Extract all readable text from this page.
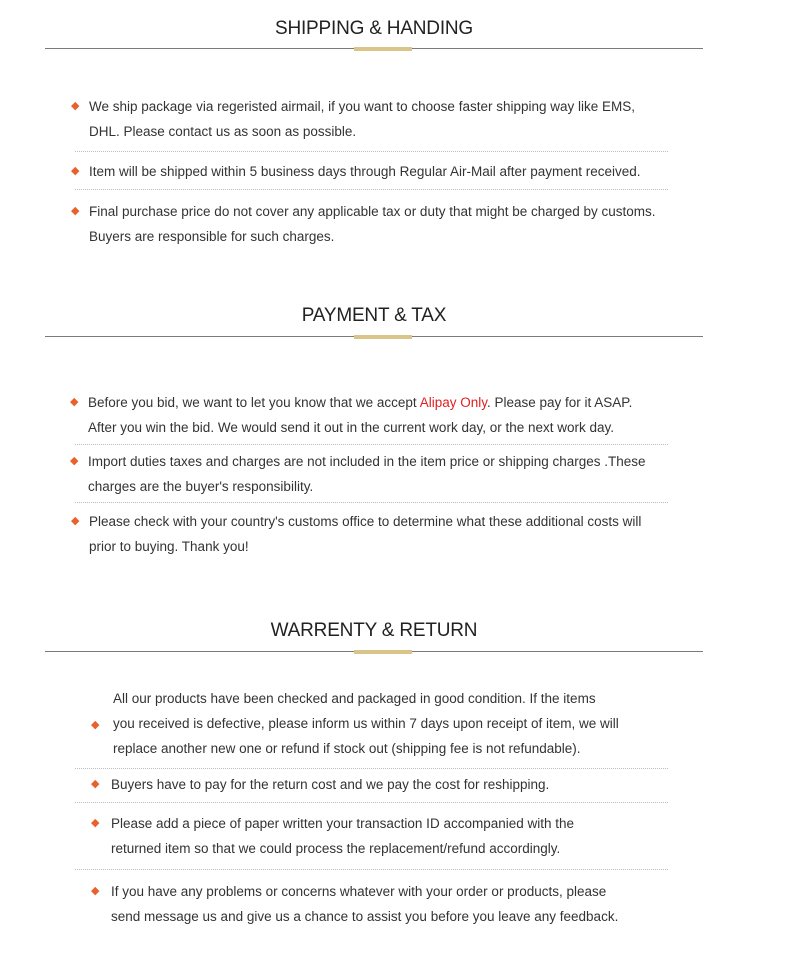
SHIPPING & HANDING
◆ We ship package via regeristed airmail, if you want to choose faster shipping way like EMS,
DHL. Please contact us as soon as possible.
◆ Item will be shipped within 5 business days through Regular Air-Mail after payment received.
◆ Final purchase price do not cover any applicable tax or duty that might be charged by customs.
Buyers are responsible for such charges.
PAYMENT & TAX
◆ Before you bid, we want to let you know that we accept Alipay Only. Please pay for it ASAP.
After you win the bid. We would send it out in the current work day, or the next work day.
◆ Import duties taxes and charges are not included in the item price or shipping charges .These
charges are the buyer's responsibility.
◆ Please check with your country's customs office to determine what these additional costs will
prior to buying. Thank you!
WARRENTY & RETURN
◆
All our products have been checked and packaged in good condition. If the items
you received is defective, please inform us within 7 days upon receipt of item, we will
replace another new one or refund if stock out (shipping fee is not refundable).
◆ Buyers have to pay for the return cost and we pay the cost for reshipping.
◆ Please add a piece of paper written your transaction ID accompanied with the
returned item so that we could process the replacement/refund accordingly.
◆ If you have any problems or concerns whatever with your order or products, please
send message us and give us a chance to assist you before you leave any feedback.
